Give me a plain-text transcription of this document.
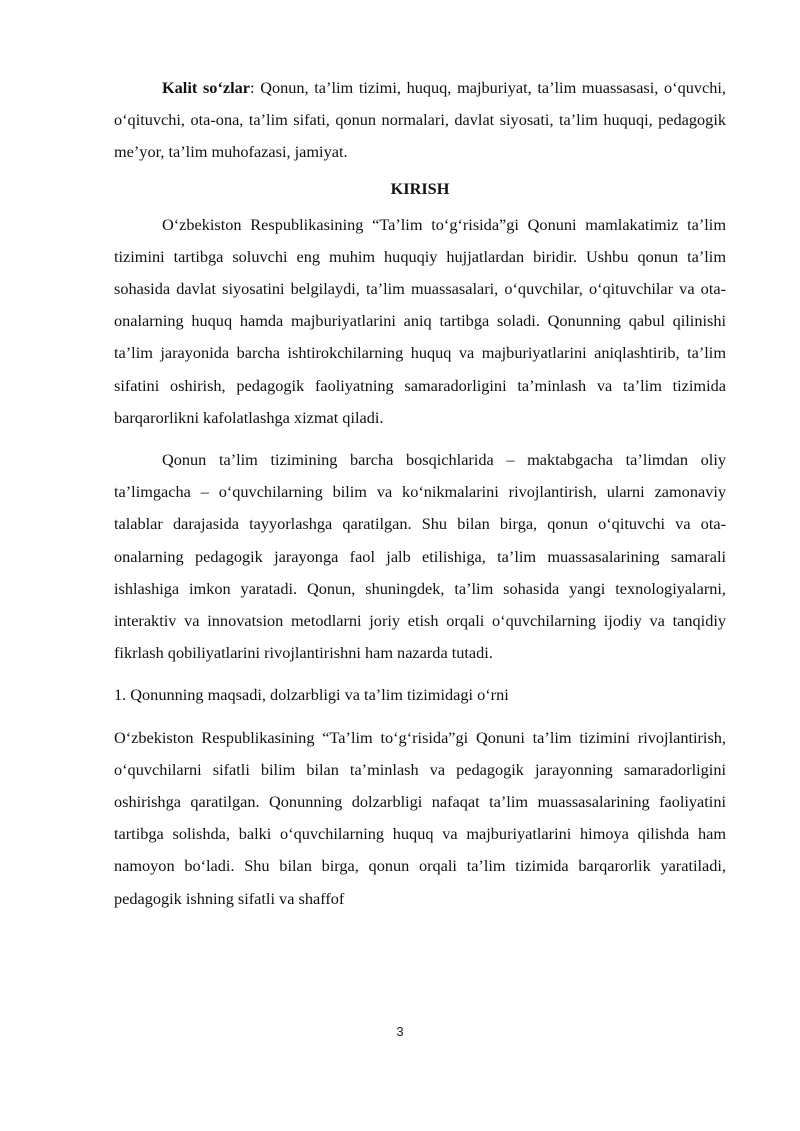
Kalit so‘zlar: Qonun, ta’lim tizimi, huquq, majburiyat, ta’lim muassasasi, o‘quvchi, o‘qituvchi, ota-ona, ta’lim sifati, qonun normalari, davlat siyosati, ta’lim huquqi, pedagogik me’yor, ta’lim muhofazasi, jamiyat.

KIRISH

O‘zbekiston Respublikasining “Ta’lim to‘g‘risida”gi Qonuni mamlakatimiz ta’lim tizimini tartibga soluvchi eng muhim huquqiy hujjatlardan biridir. Ushbu qonun ta’lim sohasida davlat siyosatini belgilaydi, ta’lim muassasalari, o‘quvchilar, o‘qituvchilar va ota-onalarning huquq hamda majburiyatlarini aniq tartibga soladi. Qonunning qabul qilinishi ta’lim jarayonida barcha ishtirokchilarning huquq va majburiyatlarini aniqlashtirib, ta’lim sifatini oshirish, pedagogik faoliyatning samaradorligini ta’minlash va ta’lim tizimida barqarorlikni kafolatlashga xizmat qiladi.

Qonun ta’lim tizimining barcha bosqichlarida – maktabgacha ta’limdan oliy ta’limgacha – o‘quvchilarning bilim va ko‘nikmalarini rivojlantirish, ularni zamonaviy talablar darajasida tayyorlashga qaratilgan. Shu bilan birga, qonun o‘qituvchi va ota-onalarning pedagogik jarayonga faol jalb etilishiga, ta’lim muassasalarining samarali ishlashiga imkon yaratadi. Qonun, shuningdek, ta’lim sohasida yangi texnologiyalarni, interaktiv va innovatsion metodlarni joriy etish orqali o‘quvchilarning ijodiy va tanqidiy fikrlash qobiliyatlarini rivojlantirishni ham nazarda tutadi.

1. Qonunning maqsadi, dolzarbligi va ta’lim tizimidagi o‘rni

O‘zbekiston Respublikasining “Ta’lim to‘g‘risida”gi Qonuni ta’lim tizimini rivojlantirish, o‘quvchilarni sifatli bilim bilan ta’minlash va pedagogik jarayonning samaradorligini oshirishga qaratilgan. Qonunning dolzarbligi nafaqat ta’lim muassasalarining faoliyatini tartibga solishda, balki o‘quvchilarning huquq va majburiyatlarini himoya qilishda ham namoyon bo‘ladi. Shu bilan birga, qonun orqali ta’lim tizimida barqarorlik yaratiladi, pedagogik ishning sifatli va shaffof

3
